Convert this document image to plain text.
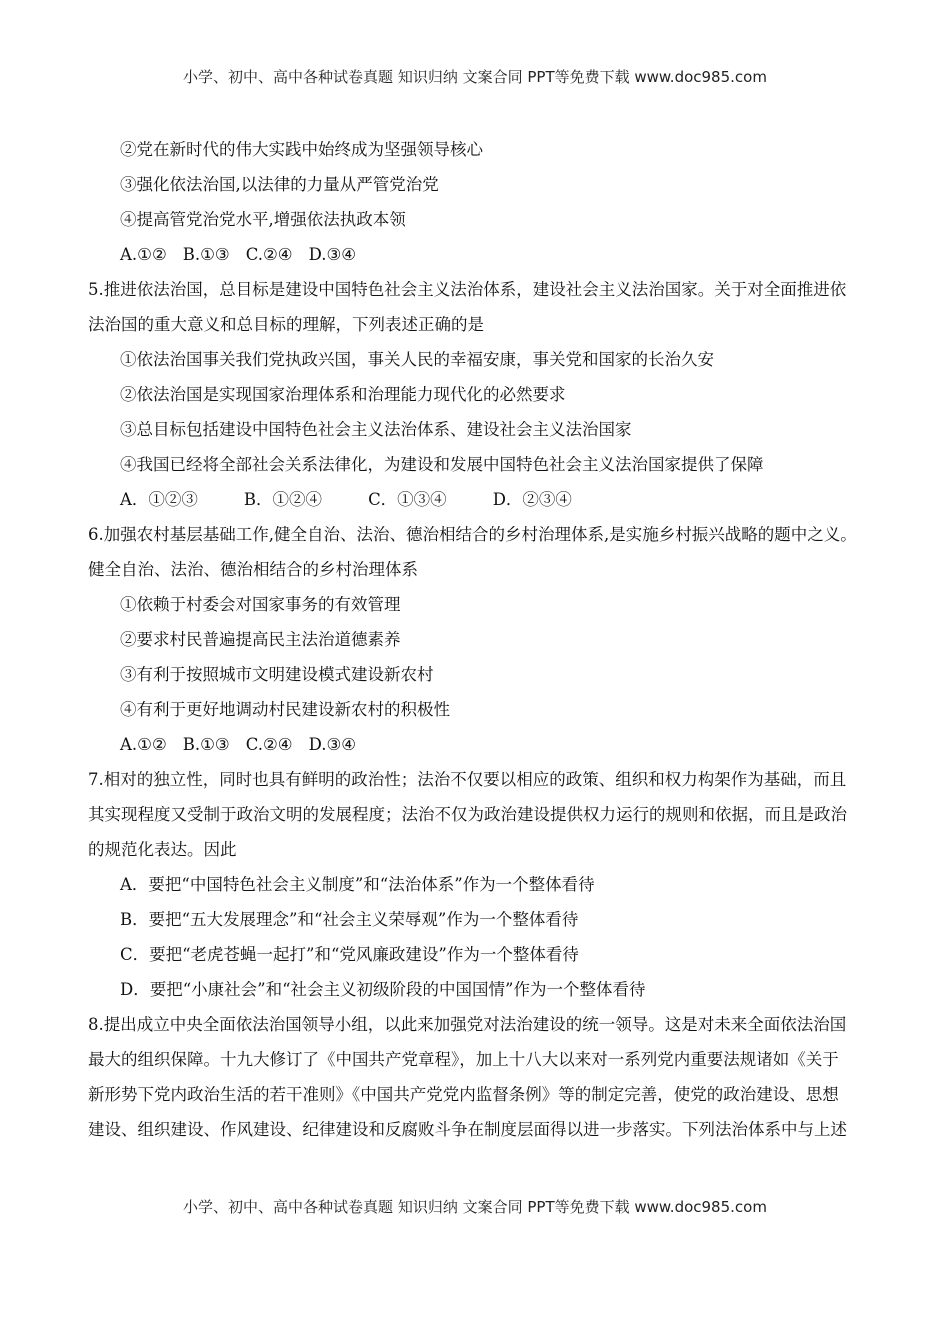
小学、初中、高中各种试卷真题 知识归纳 文案合同 PPT等免费下载 www.doc985.com
②党在新时代的伟大实践中始终成为坚强领导核心
③强化依法治国,以法律的力量从严管党治党
④提高管党治党水平,增强依法执政本领
A.①② B.①③ C.②④ D.③④
5.推进依法治国，总目标是建设中国特色社会主义法治体系，建设社会主义法治国家。关于对全面推进依
法治国的重大意义和总目标的理解，下列表述正确的是
①依法治国事关我们党执政兴国，事关人民的幸福安康，事关党和国家的长治久安
②依法治国是实现国家治理体系和治理能力现代化的必然要求
③总目标包括建设中国特色社会主义法治体系、建设社会主义法治国家
④我国已经将全部社会关系法律化，为建设和发展中国特色社会主义法治国家提供了保障
A．①②③	B．①②④	C．①③④	D．②③④
6.加强农村基层基础工作,健全自治、法治、德治相结合的乡村治理体系,是实施乡村振兴战略的题中之义。
健全自治、法治、德治相结合的乡村治理体系
①依赖于村委会对国家事务的有效管理
②要求村民普遍提高民主法治道德素养
③有利于按照城市文明建设模式建设新农村
④有利于更好地调动村民建设新农村的积极性
A.①② B.①③ C.②④ D.③④
7.相对的独立性，同时也具有鲜明的政治性；法治不仅要以相应的政策、组织和权力构架作为基础，而且
其实现程度又受制于政治文明的发展程度；法治不仅为政治建设提供权力运行的规则和依据，而且是政治
的规范化表达。因此
A．要把“中国特色社会主义制度”和“法治体系”作为一个整体看待
B．要把“五大发展理念”和“社会主义荣辱观”作为一个整体看待
C．要把“老虎苍蝇一起打”和“党风廉政建设”作为一个整体看待
D．要把“小康社会”和“社会主义初级阶段的中国国情”作为一个整体看待
8.提出成立中央全面依法治国领导小组，以此来加强党对法治建设的统一领导。这是对未来全面依法治国
最大的组织保障。十九大修订了《中国共产党章程》，加上十八大以来对一系列党内重要法规诸如《关于
新形势下党内政治生活的若干准则》《中国共产党党内监督条例》等的制定完善，使党的政治建设、思想
建设、组织建设、作风建设、纪律建设和反腐败斗争在制度层面得以进一步落实。下列法治体系中与上述
小学、初中、高中各种试卷真题 知识归纳 文案合同 PPT等免费下载 www.doc985.com
